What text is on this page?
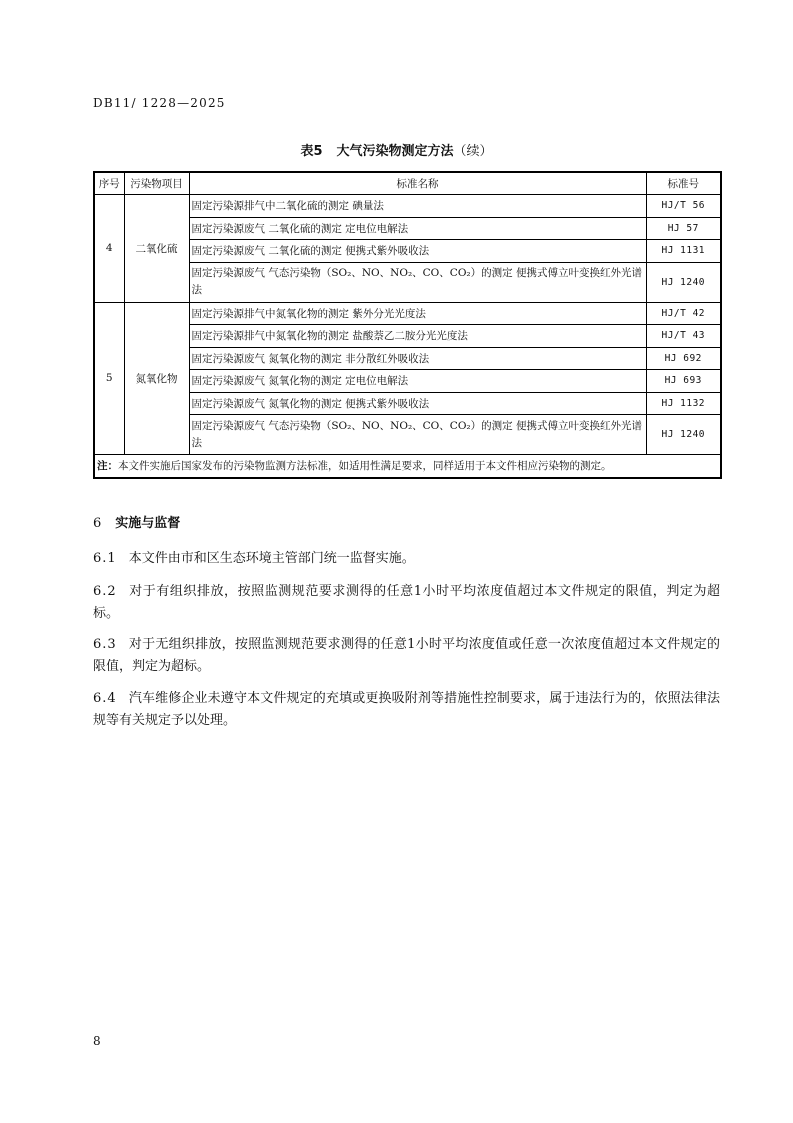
DB11/ 1228—2025
表5 大气污染物测定方法（续）
序号	污染物项目	标准名称	标准号
4	二氧化硫	固定污染源排气中二氧化硫的测定 碘量法	HJ/T 56
		固定污染源废气 二氧化硫的测定 定电位电解法	HJ 57
		固定污染源废气 二氧化硫的测定 便携式紫外吸收法	HJ 1131
		固定污染源废气 气态污染物（SO₂、NO、NO₂、CO、CO₂）的测定 便携式傅立叶变换红外光谱法	HJ 1240
5	氮氧化物	固定污染源排气中氮氧化物的测定 紫外分光光度法	HJ/T 42
		固定污染源排气中氮氧化物的测定 盐酸萘乙二胺分光光度法	HJ/T 43
		固定污染源废气 氮氧化物的测定 非分散红外吸收法	HJ 692
		固定污染源废气 氮氧化物的测定 定电位电解法	HJ 693
		固定污染源废气 氮氧化物的测定 便携式紫外吸收法	HJ 1132
		固定污染源废气 气态污染物（SO₂、NO、NO₂、CO、CO₂）的测定 便携式傅立叶变换红外光谱法	HJ 1240
注：本文件实施后国家发布的污染物监测方法标准，如适用性满足要求，同样适用于本文件相应污染物的测定。			
6 实施与监督
6.1 本文件由市和区生态环境主管部门统一监督实施。
6.2 对于有组织排放，按照监测规范要求测得的任意1小时平均浓度值超过本文件规定的限值，判定为超标。
6.3 对于无组织排放，按照监测规范要求测得的任意1小时平均浓度值或任意一次浓度值超过本文件规定的限值，判定为超标。
6.4 汽车维修企业未遵守本文件规定的充填或更换吸附剂等措施性控制要求，属于违法行为的，依照法律法规等有关规定予以处理。
8
